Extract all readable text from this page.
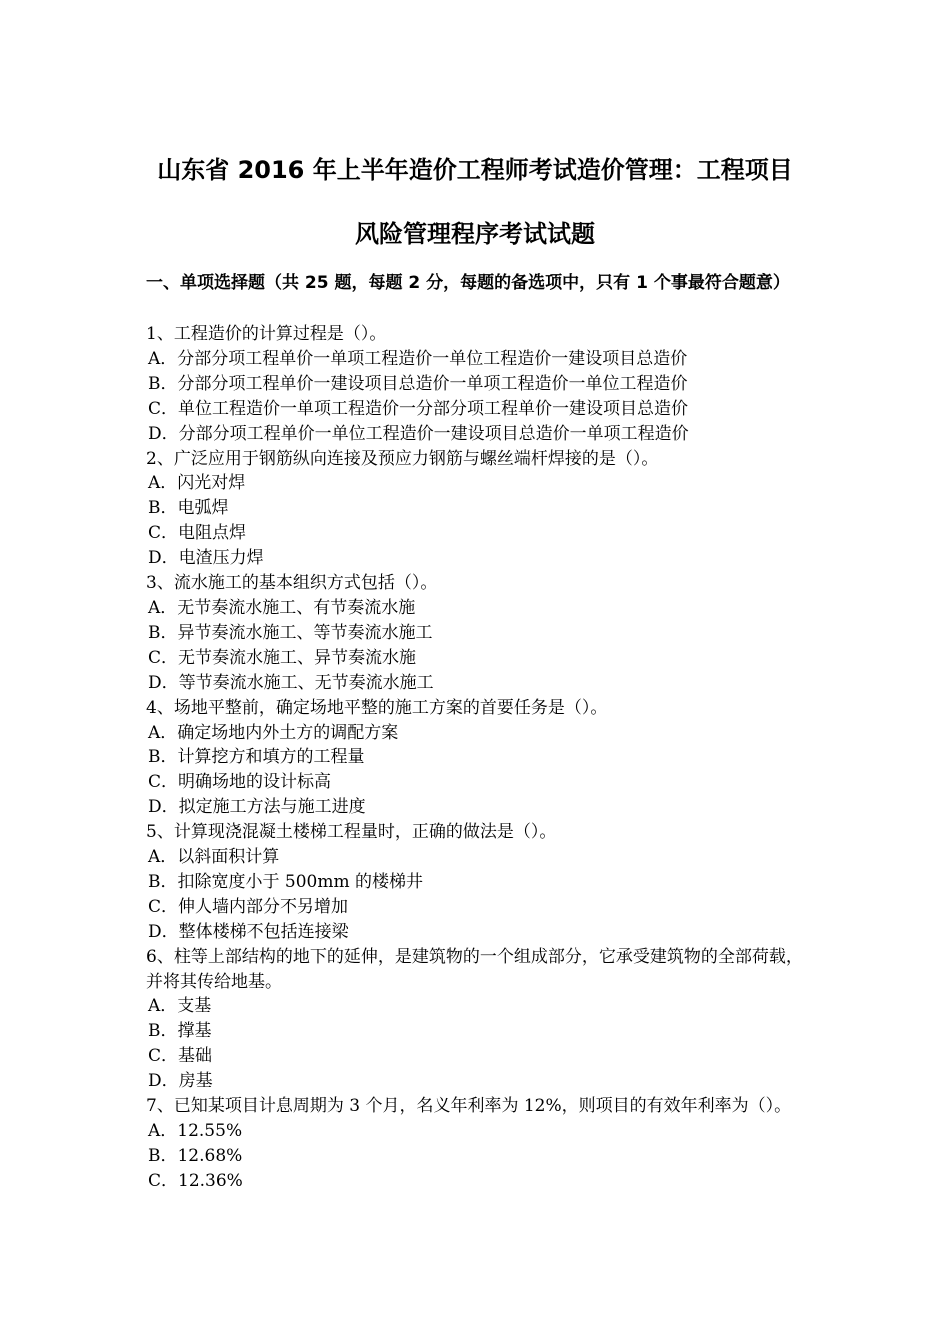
山东省 2016 年上半年造价工程师考试造价管理：工程项目
风险管理程序考试试题
一、单项选择题（共 25 题，每题 2 分，每题的备选项中，只有 1 个事最符合题意）
1、工程造价的计算过程是（）。
A．分部分项工程单价一单项工程造价一单位工程造价一建设项目总造价
B．分部分项工程单价一建设项目总造价一单项工程造价一单位工程造价
C．单位工程造价一单项工程造价一分部分项工程单价一建设项目总造价
D．分部分项工程单价一单位工程造价一建设项目总造价一单项工程造价
2、广泛应用于钢筋纵向连接及预应力钢筋与螺丝端杆焊接的是（）。
A．闪光对焊
B．电弧焊
C．电阻点焊
D．电渣压力焊
3、流水施工的基本组织方式包括（）。
A．无节奏流水施工、有节奏流水施
B．异节奏流水施工、等节奏流水施工
C．无节奏流水施工、异节奏流水施
D．等节奏流水施工、无节奏流水施工
4、场地平整前，确定场地平整的施工方案的首要任务是（）。
A．确定场地内外土方的调配方案
B．计算挖方和填方的工程量
C．明确场地的设计标高
D．拟定施工方法与施工进度
5、计算现浇混凝土楼梯工程量时，正确的做法是（）。
A．以斜面积计算
B．扣除宽度小于 500mm 的楼梯井
C．伸人墙内部分不另增加
D．整体楼梯不包括连接梁
6、柱等上部结构的地下的延伸，是建筑物的一个组成部分，它承受建筑物的全部荷载，并将其传给地基。
A．支基
B．撑基
C．基础
D．房基
7、已知某项目计息周期为 3 个月，名义年利率为 12%，则项目的有效年利率为（）。
A．12.55%
B．12.68%
C．12.36%
